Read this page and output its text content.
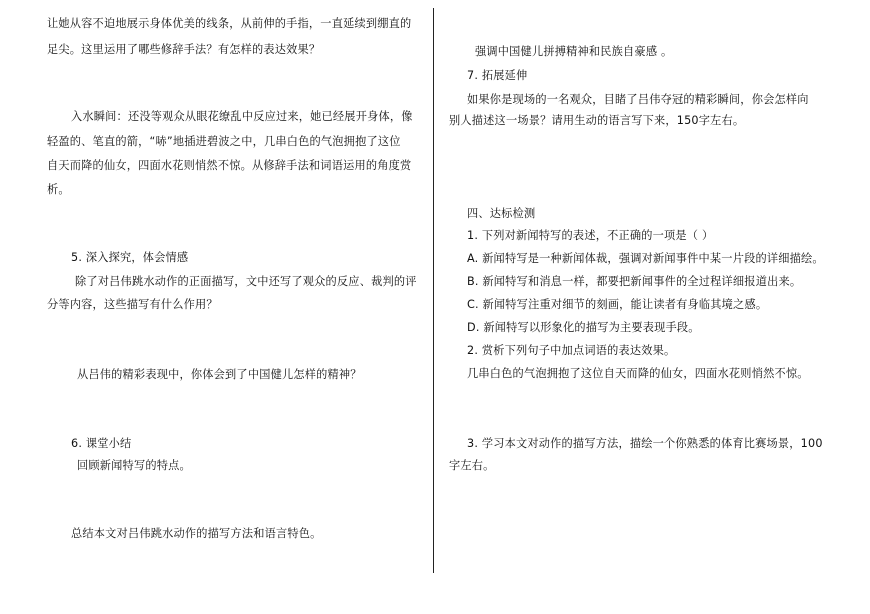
让她从容不迫地展示身体优美的线条，从前伸的手指，一直延续到绷直的
足尖。这里运用了哪些修辞手法？有怎样的表达效果？
入水瞬间：还没等观众从眼花缭乱中反应过来，她已经展开身体，像
轻盈的、笔直的箭，“哧”地插进碧波之中，几串白色的气泡拥抱了这位
自天而降的仙女，四面水花则悄然不惊。从修辞手法和词语运用的角度赏
析。
5. 深入探究，体会情感
除了对吕伟跳水动作的正面描写，文中还写了观众的反应、裁判的评
分等内容，这些描写有什么作用？
从吕伟的精彩表现中，你体会到了中国健儿怎样的精神？
6. 课堂小结
回顾新闻特写的特点。
总结本文对吕伟跳水动作的描写方法和语言特色。
强调中国健儿拼搏精神和民族自豪感 。
7. 拓展延伸
如果你是现场的一名观众，目睹了吕伟夺冠的精彩瞬间，你会怎样向
别人描述这一场景？请用生动的语言写下来，150字左右。
四、达标检测
1. 下列对新闻特写的表述，不正确的一项是（ ）
A. 新闻特写是一种新闻体裁，强调对新闻事件中某一片段的详细描绘。
B. 新闻特写和消息一样，都要把新闻事件的全过程详细报道出来。
C. 新闻特写注重对细节的刻画，能让读者有身临其境之感。
D. 新闻特写以形象化的描写为主要表现手段。
2. 赏析下列句子中加点词语的表达效果。
几串白色的气泡拥抱了这位自天而降的仙女，四面水花则悄然不惊。
3. 学习本文对动作的描写方法，描绘一个你熟悉的体育比赛场景，100
字左右。
